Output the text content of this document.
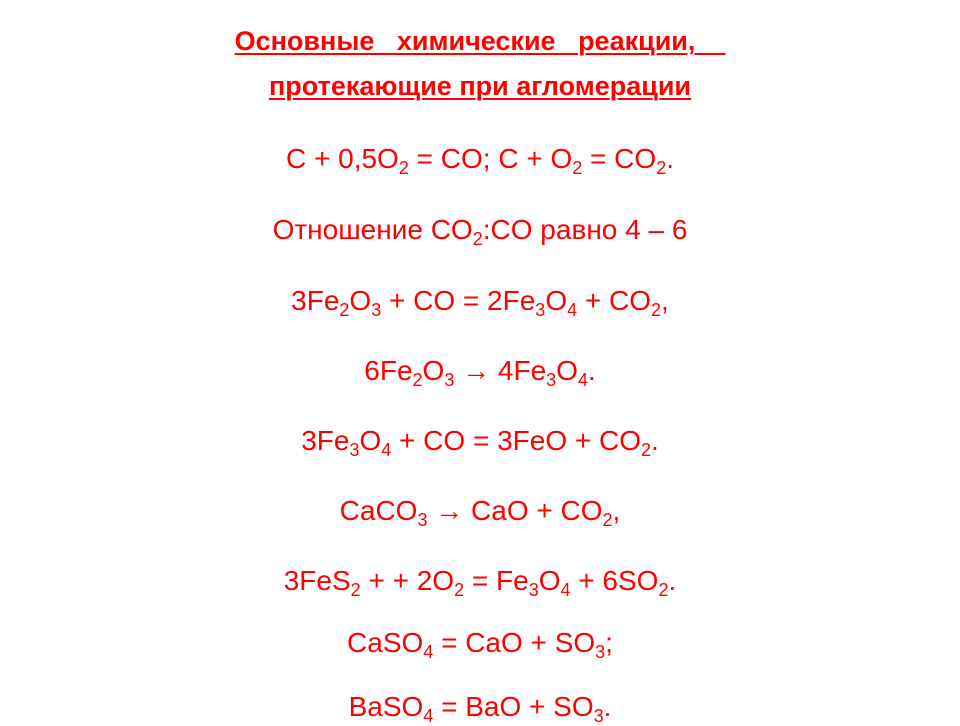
Основные   химические   реакции,
протекающие при агломерации
$C + 0,5O_2$ = CO; $C + O_2 = CO_2$.
Отношение $CO_2:CO$ равно 4 – 6
$3Fe_2O_3$ + CO = $2Fe_3O_4 + CO_2$,
$6Fe_2O_3 \to 4Fe_3O_4$.
$3Fe_3O_4$ + CO = $3FeO + CO_2$.
CaCO$_3$ → CaO + $CO_2$,
3FeS$_2$ + + $2O_2 = Fe_3O_4 + 6SO_2$.
CaSO$_4$ = CaO + $SO_3$;
BaSO$_4$ = BaO + $SO_3$.
